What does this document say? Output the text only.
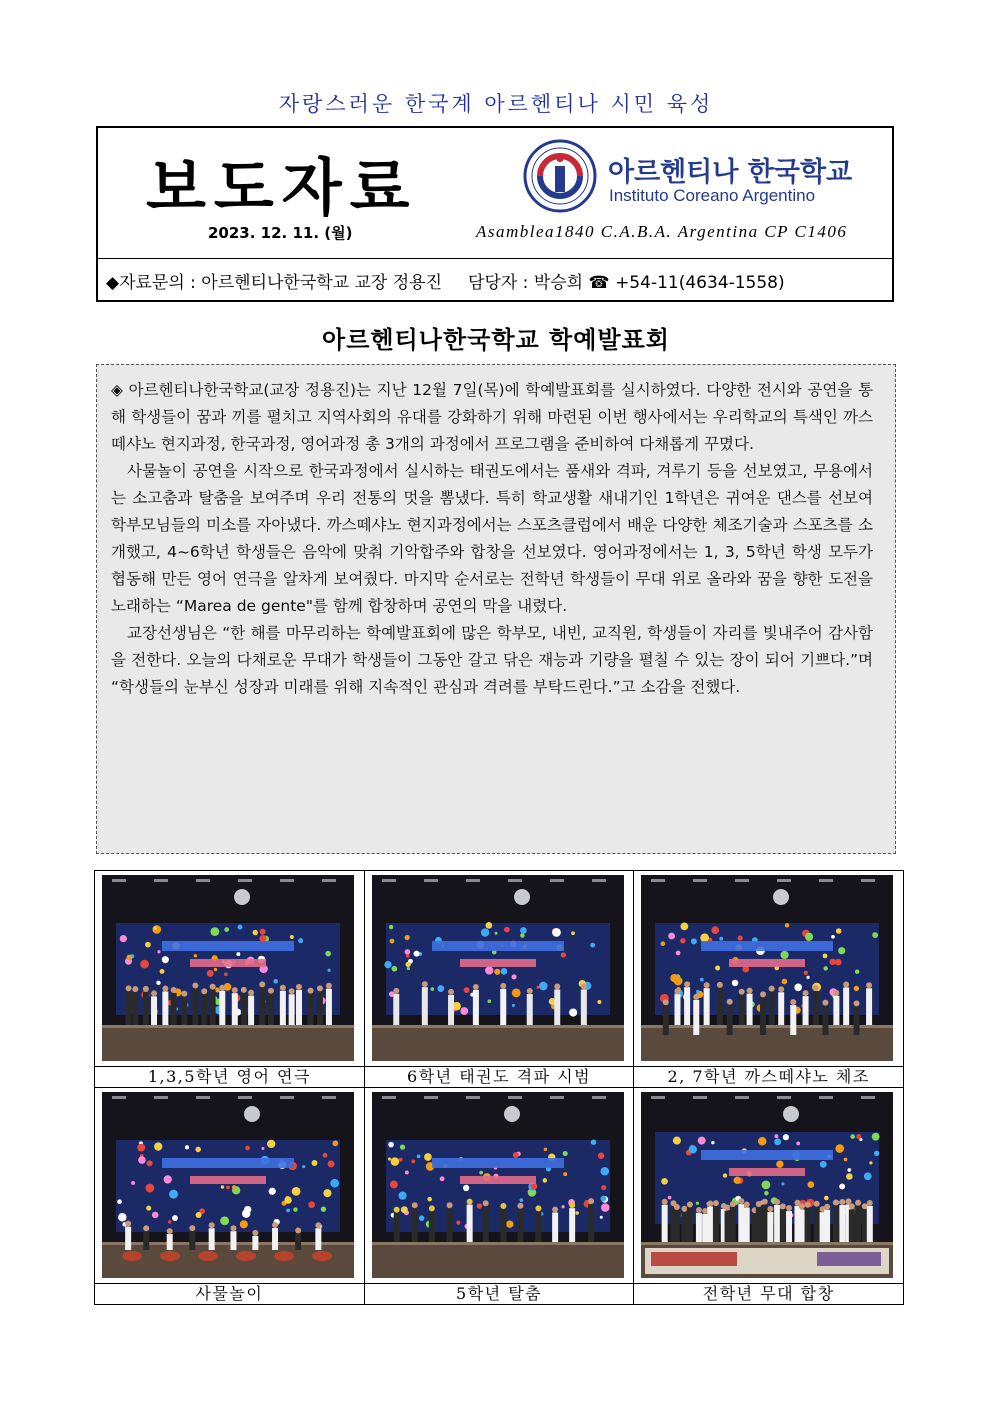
자랑스러운 한국계 아르헨티나 시민 육성
보도자료
2023. 12. 11. (월)
아르헨티나 한국학교
Instituto Coreano Argentino
Asamblea1840 C.A.B.A. Argentina CP C1406
◆자료문의 : 아르헨티나한국학교 교장 정용진 담당자 : 박승희 ☎ +54-11(4634-1558)
아르헨티나한국학교 학예발표회

◈ 아르헨티나한국학교(교장 정용진)는 지난 12월 7일(목)에 학예발표회를 실시하였다. 다양한 전시와 공연을 통해 학생들이 꿈과 끼를 펼치고 지역사회의 유대를 강화하기 위해 마련된 이번 행사에서는 우리학교의 특색인 까스떼샤노 현지과정, 한국과정, 영어과정 총 3개의 과정에서 프로그램을 준비하여 다채롭게 꾸몄다.

사물놀이 공연을 시작으로 한국과정에서 실시하는 태권도에서는 품새와 격파, 겨루기 등을 선보였고, 무용에서는 소고춤과 탈춤을 보여주며 우리 전통의 멋을 뽐냈다. 특히 학교생활 새내기인 1학년은 귀여운 댄스를 선보여 학부모님들의 미소를 자아냈다. 까스떼샤노 현지과정에서는 스포츠클럽에서 배운 다양한 체조기술과 스포츠를 소개했고, 4~6학년 학생들은 음악에 맞춰 기악합주와 합창을 선보였다. 영어과정에서는 1, 3, 5학년 학생 모두가 협동해 만든 영어 연극을 알차게 보여줬다. 마지막 순서로는 전학년 학생들이 무대 위로 올라와 꿈을 향한 도전을 노래하는 “Marea de gente"를 함께 합창하며 공연의 막을 내렸다.

교장선생님은 “한 해를 마무리하는 학예발표회에 많은 학부모, 내빈, 교직원, 학생들이 자리를 빛내주어 감사함을 전한다. 오늘의 다채로운 무대가 학생들이 그동안 갈고 닦은 재능과 기량을 펼칠 수 있는 장이 되어 기쁘다.”며 “학생들의 눈부신 성장과 미래를 위해 지속적인 관심과 격려를 부탁드린다.”고 소감을 전했다.

1,3,5학년 영어 연극	6학년 태권도 격파 시범	2, 7학년 까스떼샤노 체조

사물놀이	5학년 탈춤	전학년 무대 합창
